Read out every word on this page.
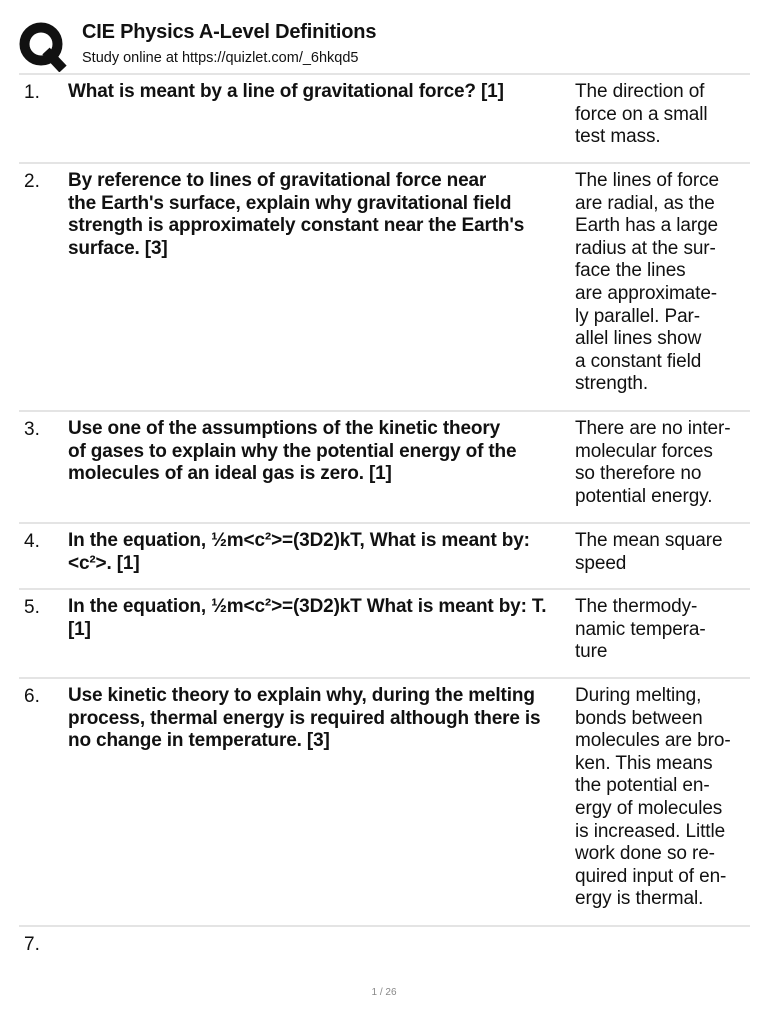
CIE Physics A-Level Definitions
Study online at https://quizlet.com/_6hkqd5
1. What is meant by a line of gravitational force? [1]	The direction of
force on a small
test mass.
2. By reference to lines of gravitational force near
the Earth's surface, explain why gravitational field
strength is approximately constant near the Earth's
surface. [3]
The lines of force
are radial, as the
Earth has a large
radius at the sur-
face the lines
are approximate-
ly parallel. Par-
allel lines show
a constant field
strength.
3. Use one of the assumptions of the kinetic theory
of gases to explain why the potential energy of the
molecules of an ideal gas is zero. [1]
There are no inter-
molecular forces
so therefore no
potential energy.
4. In the equation, ½m<c²>=(3D2)kT, What is meant by:
<c²>. [1]
The mean square
speed
5. In the equation, ½m<c²>=(3D2)kT What is meant by: T.
[1]
The thermody-
namic tempera-
ture
6. Use kinetic theory to explain why, during the melting
process, thermal energy is required although there is
no change in temperature. [3]
During melting,
bonds between
molecules are bro-
ken. This means
the potential en-
ergy of molecules
is increased. Little
work done so re-
quired input of en-
ergy is thermal.
7.
1 / 26
